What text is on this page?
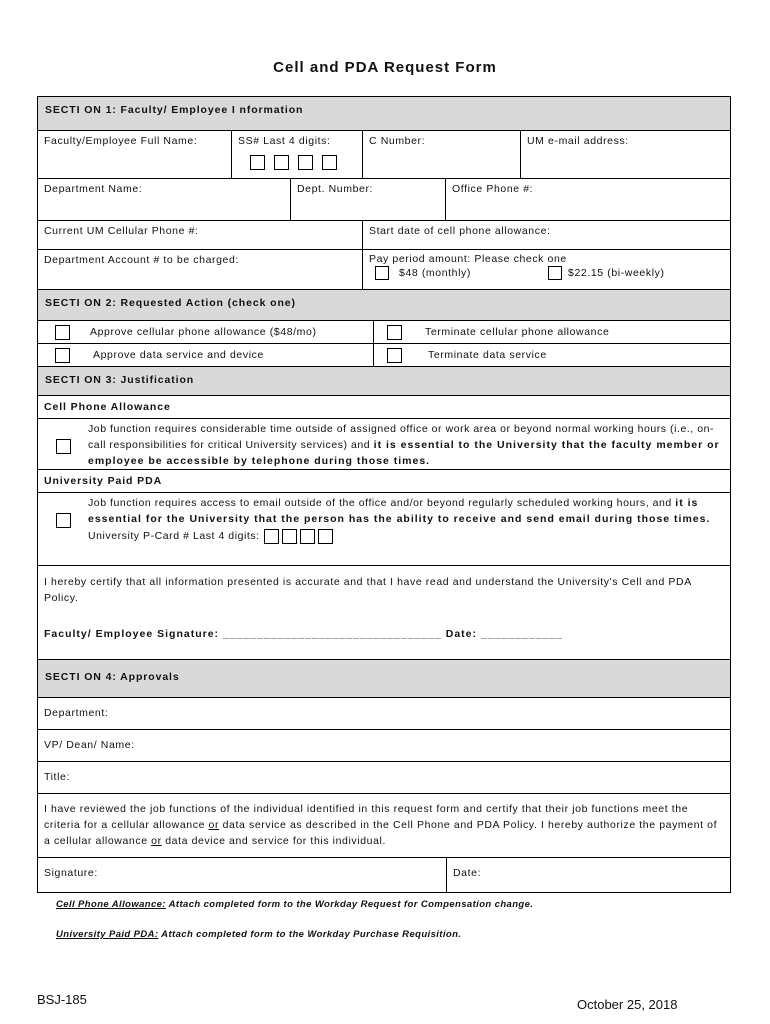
Cell and PDA Request Form
SECTI ON 1: Faculty/ Employee I nformation
Faculty/Employee Full Name:	SS# Last 4 digits:	C Number:	UM e-mail address:
Department Name:	Dept. Number:	Office Phone #:
Current UM Cellular Phone #:	Start date of cell phone allowance:
Department Account # to be charged:	Pay period amount: Please check one
$48 (monthly)	$22.15 (bi-weekly)
SECTI ON 2: Requested Action (check one)
Approve cellular phone allowance ($48/mo)	Terminate cellular phone allowance
Approve data service and device	Terminate data service
SECTI ON 3: Justification
Cell Phone Allowance
Job function requires considerable time outside of assigned office or work area or beyond normal working hours (i.e., on-call responsibilities for critical University services) and it is essential to the University that the faculty member or employee be accessible by telephone during those times.
University Paid PDA
Job function requires access to email outside of the office and/or beyond regularly scheduled working hours, and it is essential for the University that the person has the ability to receive and send email during those times.
University P-Card # Last 4 digits:
I hereby certify that all information presented is accurate and that I have read and understand the University's Cell and PDA Policy.
Faculty/ Employee Signature: ________________________________ Date: ____________
SECTI ON 4: Approvals
Department:
VP/ Dean/ Name:
Title:
I have reviewed the job functions of the individual identified in this request form and certify that their job functions meet the criteria for a cellular allowance or data service as described in the Cell Phone and PDA Policy. I hereby authorize the payment of a cellular allowance or data device and service for this individual.
Signature:	Date:
Cell Phone Allowance: Attach completed form to the Workday Request for Compensation change.
University Paid PDA: Attach completed form to the Workday Purchase Requisition.
BSJ-185	October 25, 2018
